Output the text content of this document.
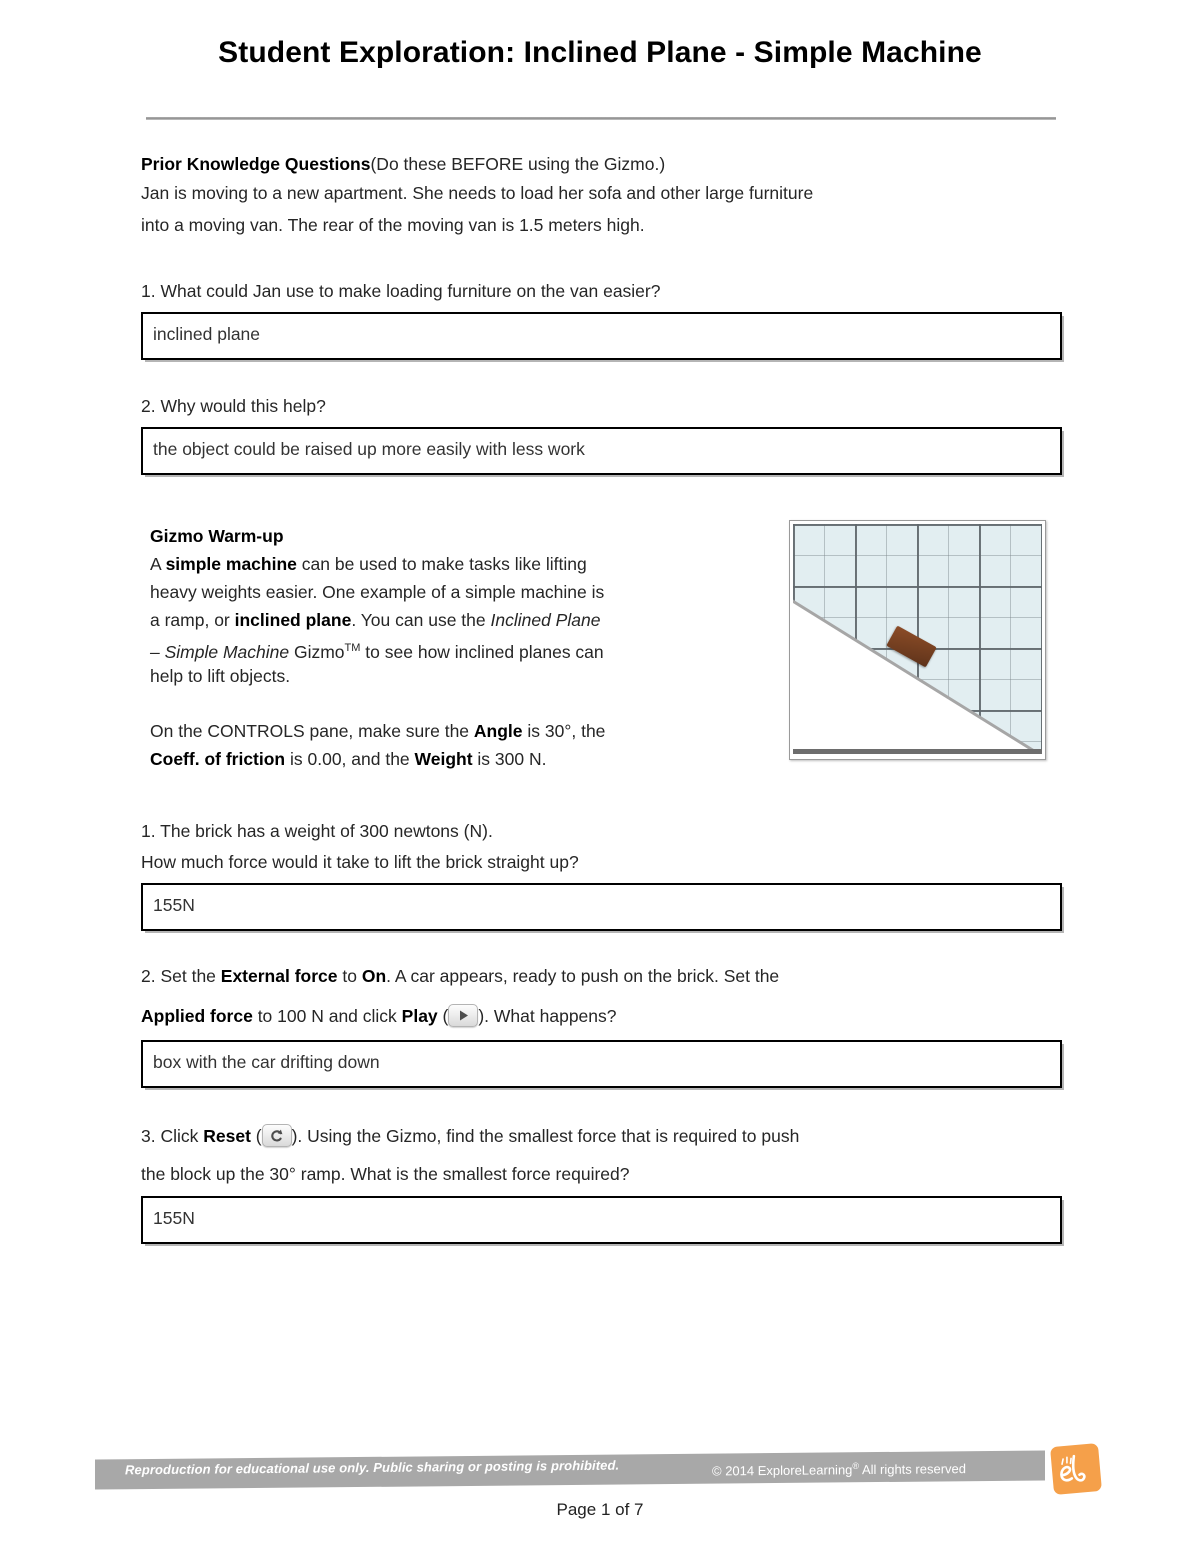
Student Exploration: Inclined Plane - Simple Machine
Prior Knowledge Questions(Do these BEFORE using the Gizmo.)
Jan is moving to a new apartment. She needs to load her sofa and other large furniture
into a moving van. The rear of the moving van is 1.5 meters high.
1. What could Jan use to make loading furniture on the van easier?
inclined plane
2. Why would this help?
the object could be raised up more easily with less work
Gizmo Warm-up
A simple machine can be used to make tasks like lifting
heavy weights easier. One example of a simple machine is
a ramp, or inclined plane. You can use the Inclined Plane
– Simple Machine Gizmo™ to see how inclined planes can
help to lift objects.
On the CONTROLS pane, make sure the Angle is 30°, the
Coeff. of friction is 0.00, and the Weight is 300 N.
1. The brick has a weight of 300 newtons (N).
How much force would it take to lift the brick straight up?
155N
2. Set the External force to On. A car appears, ready to push on the brick. Set the
Applied force to 100 N and click Play ( ). What happens?
box with the car drifting down
3. Click Reset ( ). Using the Gizmo, find the smallest force that is required to push
the block up the 30° ramp. What is the smallest force required?
155N
Reproduction for educational use only. Public sharing or posting is prohibited.	© 2014 ExploreLearning® All rights reserved
Page 1 of 7
